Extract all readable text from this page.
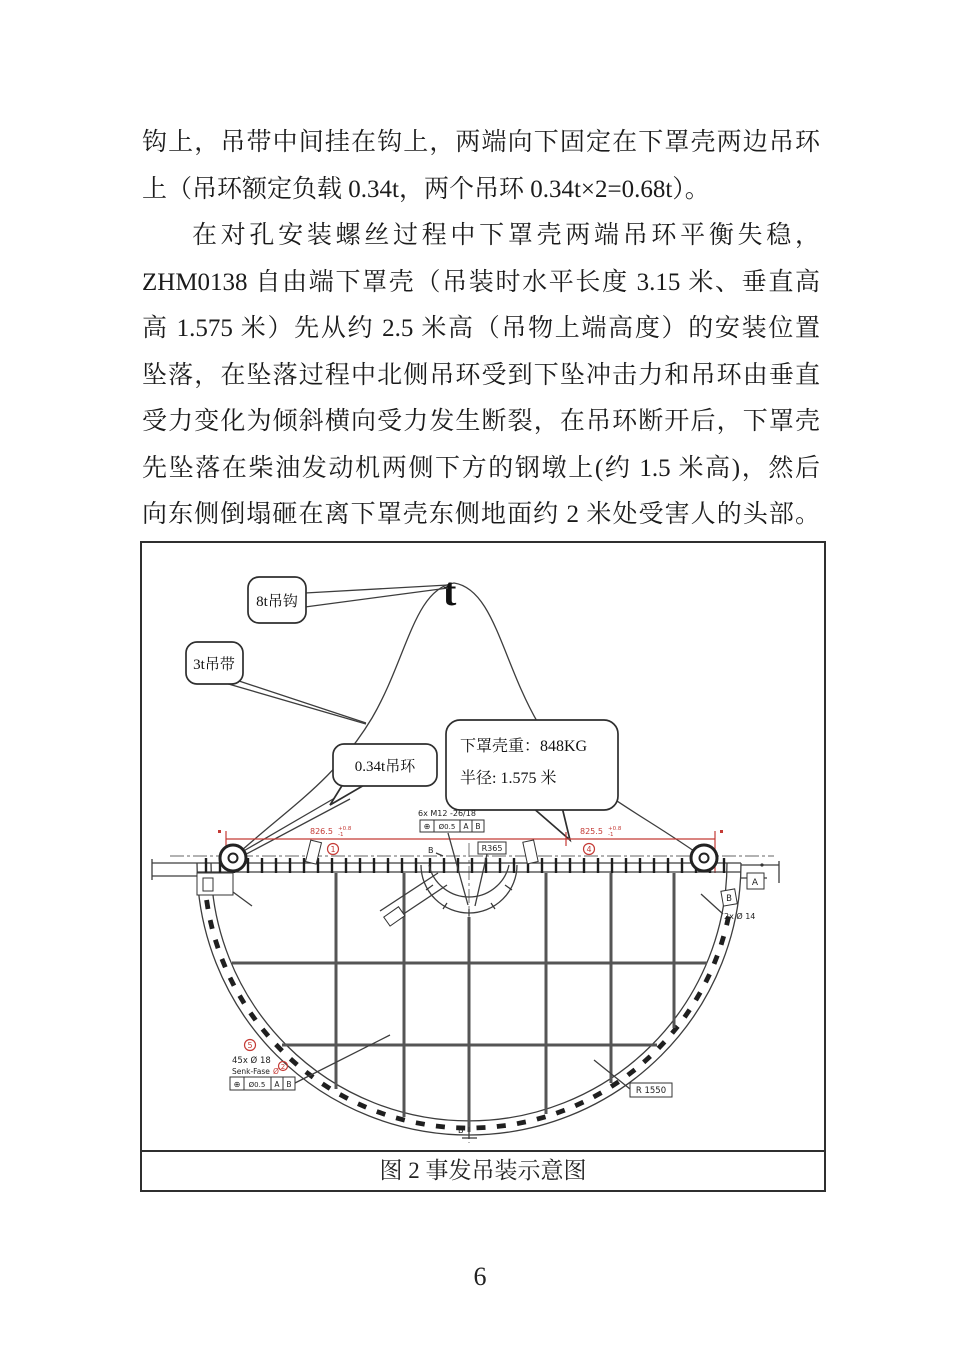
钩上，吊带中间挂在钩上，两端向下固定在下罩壳两边吊环
上（吊环额定负载 0.34t，两个吊环 0.34t×2=0.68t）。
在对孔安装螺丝过程中下罩壳两端吊环平衡失稳，
ZHM0138 自由端下罩壳（吊装时水平长度 3.15 米、垂直高
高 1.575 米）先从约 2.5 米高（吊物上端高度）的安装位置
坠落，在坠落过程中北侧吊环受到下坠冲击力和吊环由垂直
受力变化为倾斜横向受力发生断裂，在吊环断开后，下罩壳
先坠落在柴油发动机两侧下方的钢墩上(约 1.5 米高)，然后
向东侧倒塌砸在离下罩壳东侧地面约 2 米处受害人的头部。
t
8t吊钩
3t吊带
0.34t吊环
下罩壳重：848KG
半径: 1.575 米
826.5 +0.8
-1	825.5 +0.8
-1
1	4
6x M12 -26/18
⊕ Ø0.5 A B
R365
B
A
B
2x Ø 14
5
45x Ø 18
Senk-Fase 2
Ø
⊕ Ø0.5 A B
R 1550
B
图 2 事发吊装示意图
6
